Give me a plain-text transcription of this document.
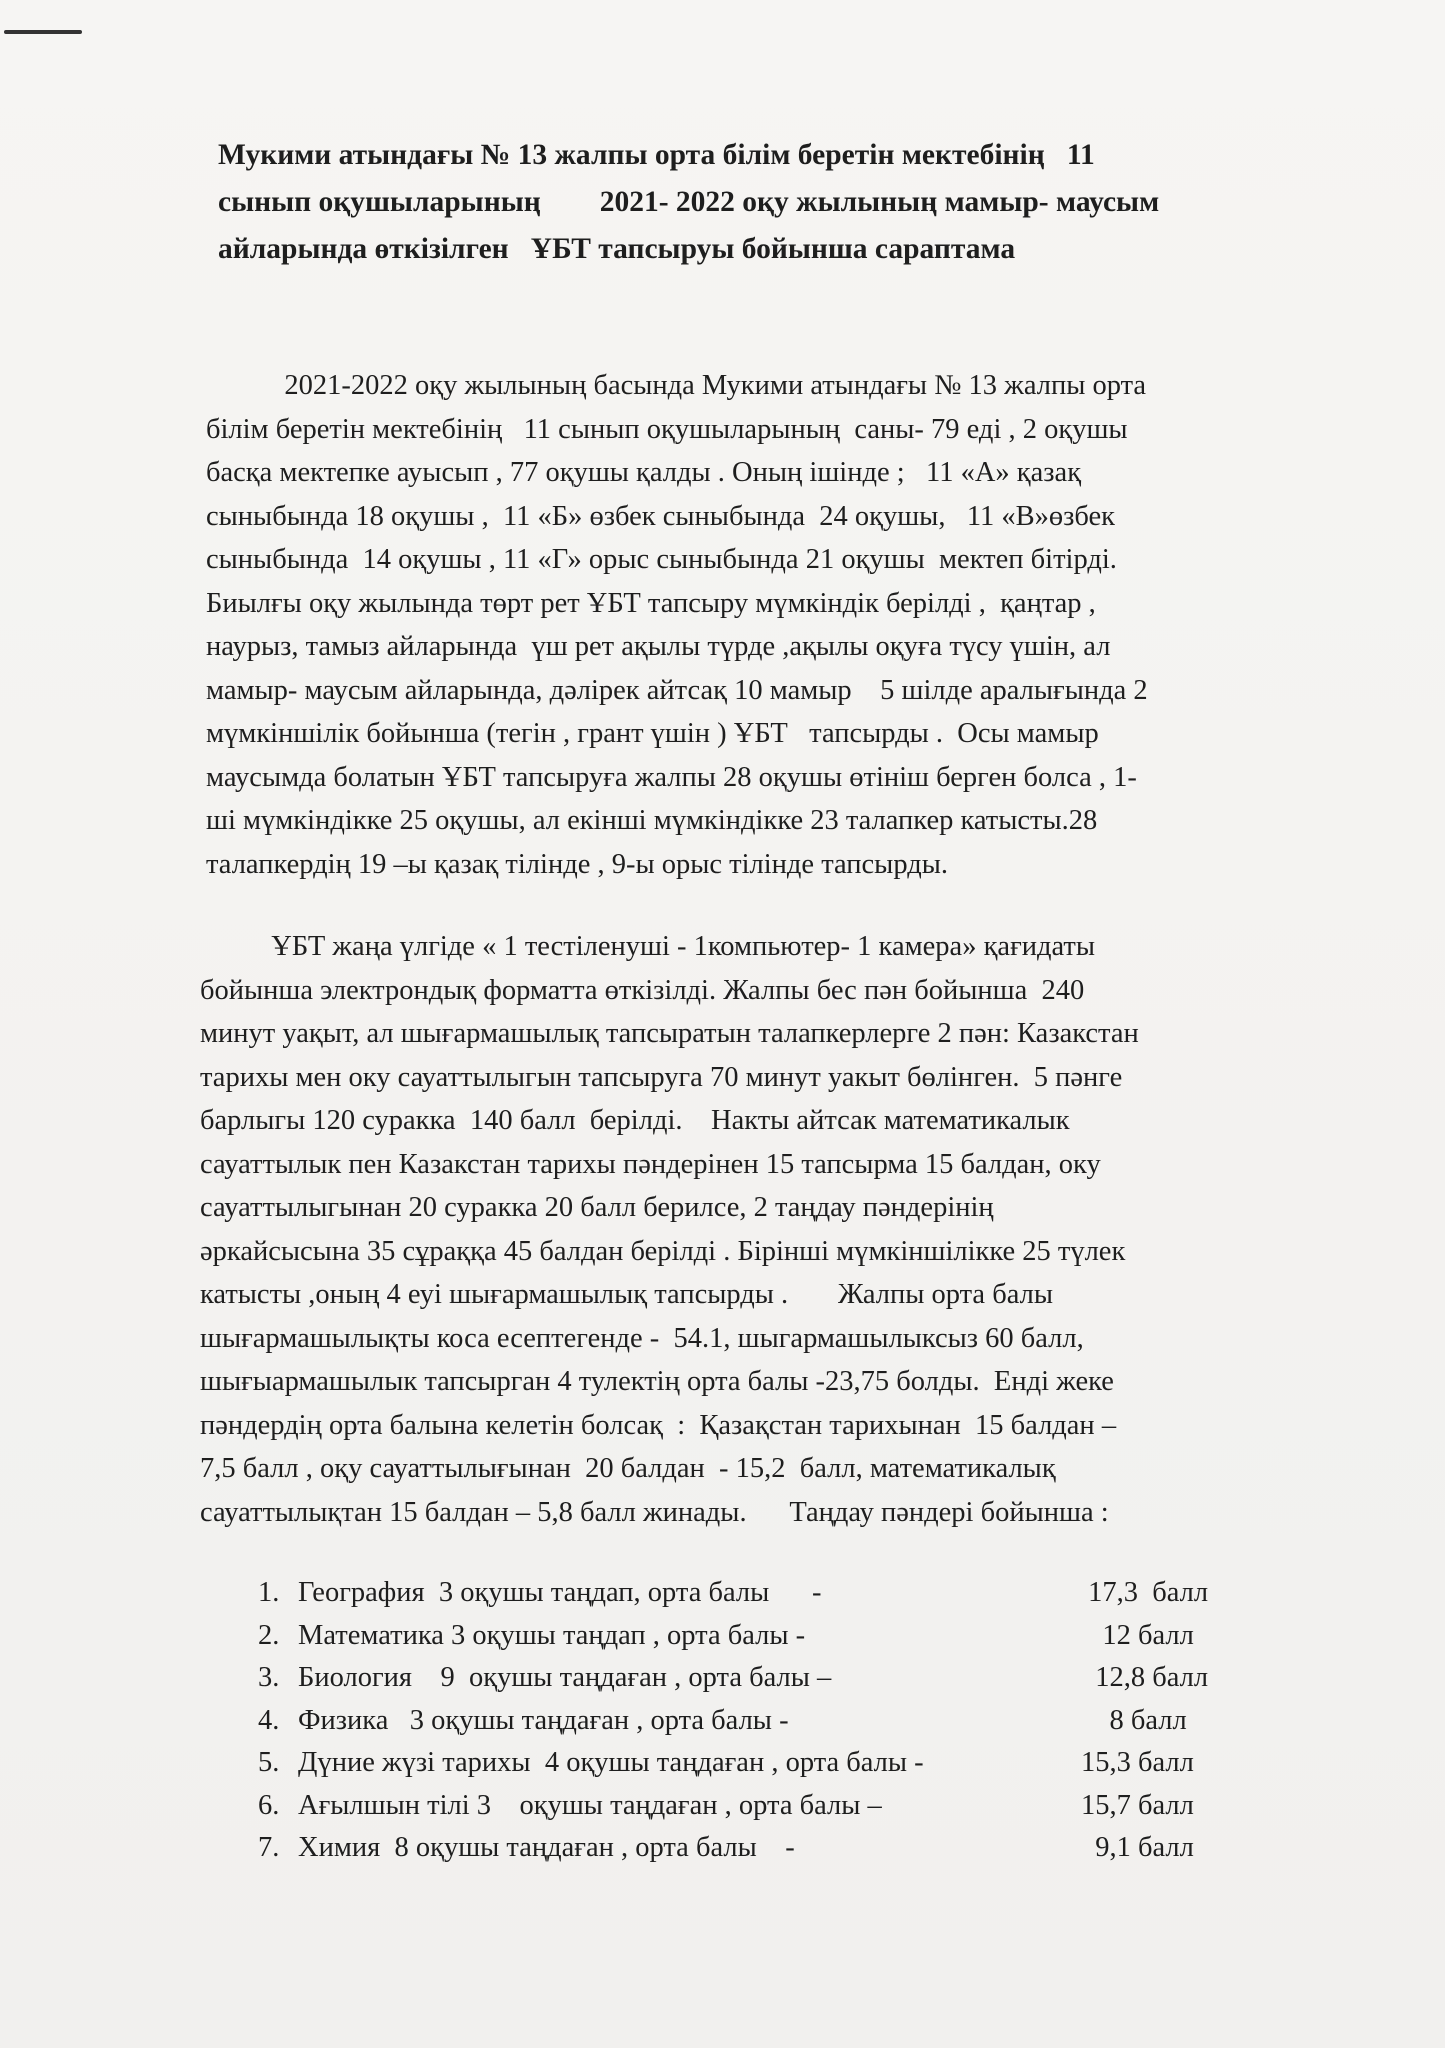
Мукими атындағы № 13 жалпы орта білім беретін мектебінің   11
сынып оқушыларының        2021- 2022 оқу жылының мамыр- маусым
айларында өткізілген   ҰБТ тапсыруы бойынша сараптама
2021-2022 оқу жылының басында Мукими атындағы № 13 жалпы орта
білім беретін мектебінің   11 сынып оқушыларының  саны- 79 еді , 2 оқушы
басқа мектепке ауысып , 77 оқушы қалды . Оның ішінде ;   11 «А» қазақ
сыныбында 18 оқушы ,  11 «Б» өзбек сыныбында  24 оқушы,   11 «В»өзбек
сыныбында  14 оқушы , 11 «Г» орыс сыныбында 21 оқушы  мектеп бітірді.
Биылғы оқу жылында төрт рет ҰБТ тапсыру мүмкіндік берілді ,  қаңтар ,
наурыз, тамыз айларында  үш рет ақылы түрде ,ақылы оқуға түсу үшін, ал
мамыр- маусым айларында, дәлірек айтсақ 10 мамыр    5 шілде аралығында 2
мүмкіншілік бойынша (тегін , грант үшін ) ҰБТ   тапсырды .  Осы мамыр
маусымда болатын ҰБТ тапсыруға жалпы 28 оқушы өтініш берген болса , 1-
ші мүмкіндікке 25 оқушы, ал екінші мүмкіндікке 23 талапкер катысты.28
талапкердің 19 –ы қазақ тілінде , 9-ы орыс тілінде тапсырды.
ҰБТ жаңа үлгіде « 1 тестіленуші - 1компьютер- 1 камера» қағидаты
бойынша электрондық форматта өткізілді. Жалпы бес пән бойынша  240
минут уақыт, ал шығармашылық тапсыратын талапкерлерге 2 пән: Казакстан
тарихы мен оку сауаттылыгын тапсыруга 70 минут уакыт бөлінген.  5 пәнге
барлыгы 120 суракка  140 балл  берілді.    Накты айтсак математикалык
сауаттылык пен Казакстан тарихы пәндерінен 15 тапсырма 15 балдан, оку
сауаттылыгынан 20 суракка 20 балл берилсе, 2 таңдау пәндерінің
әркайсысына 35 сұраққа 45 балдан берілді . Бірінші мүмкіншілікке 25 түлек
катысты ,оның 4 еуі шығармашылық тапсырды .       Жалпы орта балы
шығармашылықты коса есептегенде -  54.1, шыгармашылыксыз 60 балл,
шығыармашылык тапсырган 4 тулектің орта балы -23,75 болды.  Енді жеке
пәндердің орта балына келетін болсақ  :  Қазақстан тарихынан  15 балдан –
7,5 балл , оқу сауаттылығынан  20 балдан  - 15,2  балл, математикалық
сауаттылықтан 15 балдан – 5,8 балл жинады.      Таңдау пәндері бойынша :
1. География  3 оқушы таңдап, орта балы      -	17,3  балл
2. Математика 3 оқушы таңдап , орта балы -	12 балл
3. Биология    9  оқушы таңдаған , орта балы –	12,8 балл
4. Физика   3 оқушы таңдаған , орта балы -	8 балл
5. Дүние жүзі тарихы  4 оқушы таңдаған , орта балы -	15,3 балл
6. Ағылшын тілі 3    оқушы таңдаған , орта балы –	15,7 балл
7. Химия  8 оқушы таңдаған , орта балы    -	9,1 балл
